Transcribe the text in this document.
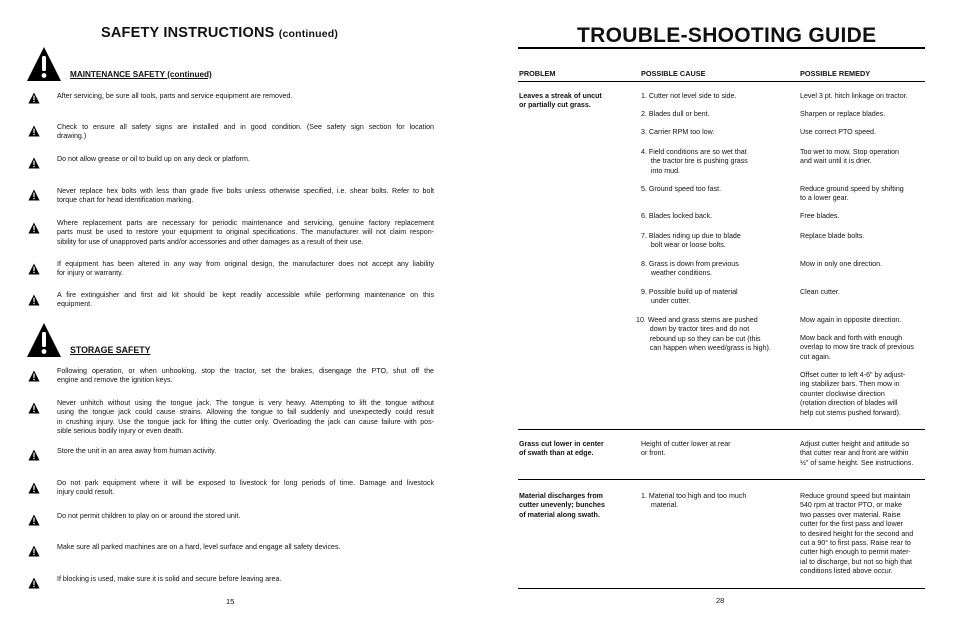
SAFETY INSTRUCTIONS (continued)
MAINTENANCE SAFETY (continued)
After servicing, be sure all tools, parts and service equipment are removed.
Check to ensure all safety signs are installed and in good condition. (See safety sign section for location
drawing.)
Do not allow grease or oil to build up on any deck or platform.
Never replace hex bolts with less than grade five bolts unless otherwise specified, i.e. shear bolts. Refer to bolt
torque chart for head identification marking.
Where replacement parts are necessary for periodic maintenance and servicing, genuine factory replacement
parts must be used to restore your equipment to original specifications. The manufacturer will not claim respon-
sibility for use of unapproved parts and/or accessories and other damages as a result of their use.
If equipment has been altered in any way from original design, the manufacturer does not accept any liability
for injury or warranty.
A fire extinguisher and first aid kit should be kept readily accessible while performing maintenance on this
equipment.
STORAGE SAFETY
Following operation, or when unhooking, stop the tractor, set the brakes, disengage the PTO, shut off the
engine and remove the ignition keys.
Never unhitch without using the tongue jack. The tongue is very heavy. Attempting to lift the tongue without
using the tongue jack could cause strains. Allowing the tongue to fall suddenly and unexpectedly could result
in crushing injury. Use the tongue jack for lifting the cutter only. Overloading the jack can cause failure with pos-
sible serious bodily injury or even death.
Store the unit in an area away from human activity.
Do not park equipment where it will be exposed to livestock for long periods of time. Damage and livestock
injury could result.
Do not permit children to play on or around the stored unit.
Make sure all parked machines are on a hard, level surface and engage all safety devices.
If blocking is used, make sure it is solid and secure before leaving area.
15
TROUBLE-SHOOTING GUIDE
PROBLEM	POSSIBLE CAUSE	POSSIBLE REMEDY
Leaves a streak of uncut
or partially cut grass.
1. Cutter not level side to side.
2. Blades dull or bent.
3. Carrier RPM too low.
4. Field conditions are so wet that
the tractor tire is pushing grass
into mud.
5. Ground speed too fast.
6. Blades locked back.
7. Blades riding up due to blade
bolt wear or loose bolts.
8. Grass is down from previous
weather conditions.
9. Possible build up of material
under cutter.
10. Weed and grass stems are pushed
down by tractor tires and do not
rebound up so they can be cut (this
can happen when weed/grass is high).
Level 3 pt. hitch linkage on tractor.
Sharpen or replace blades.
Use correct PTO speed.
Too wet to mow. Stop operation
and wait until it is drier.
Reduce ground speed by shifting
to a lower gear.
Free blades.
Replace blade bolts.
Mow in only one direction.
Clean cutter.
Mow again in opposite direction.
Mow back and forth with enough
overlap to mow tire track of previous
cut again.
Offset cutter to left 4-6" by adjust-
ing stabilizer bars. Then mow in
counter clockwise direction
(rotation direction of blades will
help cut stems pushed forward).
Grass cut lower in center
of swath than at edge.
Height of cutter lower at rear
or front.
Adjust cutter height and attitude so
that cutter rear and front are within
½" of same height. See instructions.
Material discharges from
cutter unevenly; bunches
of material along swath.
1. Material too high and too much
material.
Reduce ground speed but maintain
540 rpm at tractor PTO, or make
two passes over material. Raise
cutter for the first pass and lower
to desired height for the second and
cut a 90° to first pass. Raise rear to
cutter high enough to permit mater-
ial to discharge, but not so high that
conditions listed above occur.
28
